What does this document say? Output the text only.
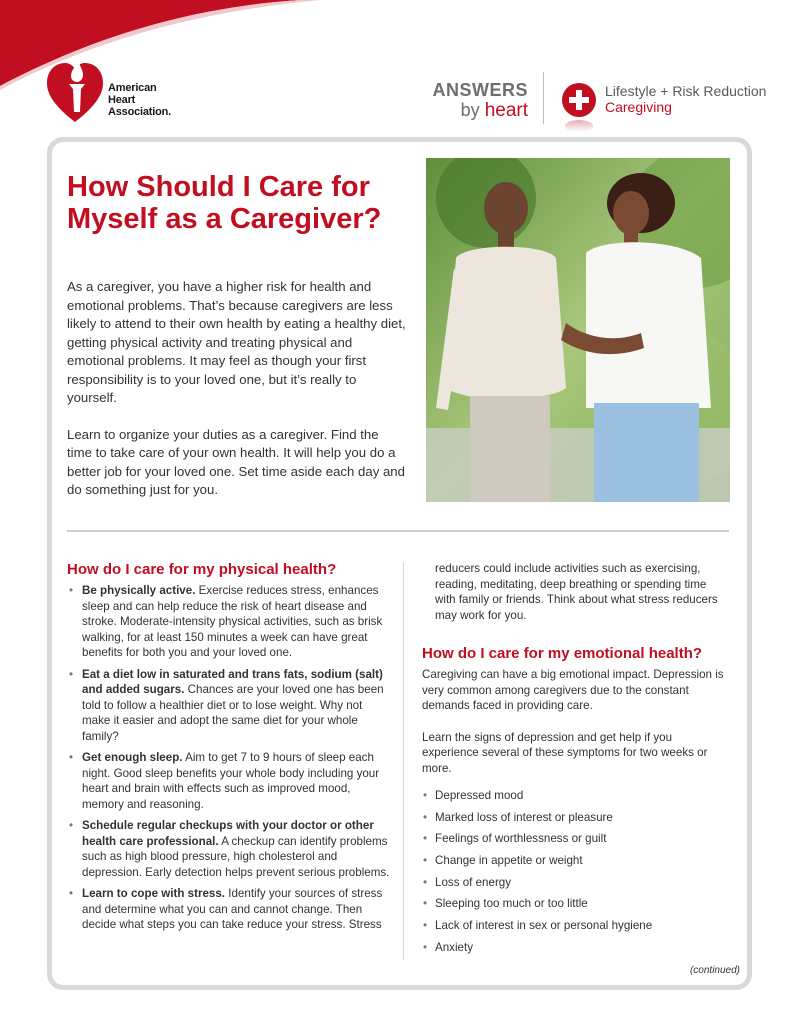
American
Heart
Association.
ANSWERS
by heart
Lifestyle + Risk Reduction
Caregiving
How Should I Care for Myself as a Caregiver?

As a caregiver, you have a higher risk for health and emotional problems. That’s because caregivers are less likely to attend to their own health by eating a healthy diet, getting physical activity and treating physical and emotional problems. It may feel as though your first responsibility is to your loved one, but it’s really to yourself.

Learn to organize your duties as a caregiver. Find the time to take care of your own health. It will help you do a better job for your loved one. Set time aside each day and do something just for you.

How do I care for my physical health?
• Be physically active. Exercise reduces stress, enhances sleep and can help reduce the risk of heart disease and stroke. Moderate-intensity physical activities, such as brisk walking, for at least 150 minutes a week can have great benefits for both you and your loved one.
• Eat a diet low in saturated and trans fats, sodium (salt) and added sugars. Chances are your loved one has been told to follow a healthier diet or to lose weight. Why not make it easier and adopt the same diet for your whole family?
• Get enough sleep. Aim to get 7 to 9 hours of sleep each night. Good sleep benefits your whole body including your heart and brain with effects such as improved mood, memory and reasoning.
• Schedule regular checkups with your doctor or other health care professional. A checkup can identify problems such as high blood pressure, high cholesterol and depression. Early detection helps prevent serious problems.
• Learn to cope with stress. Identify your sources of stress and determine what you can and cannot change. Then decide what steps you can take reduce your stress. Stress

reducers could include activities such as exercising, reading, meditating, deep breathing or spending time with family or friends. Think about what stress reducers may work for you.

How do I care for my emotional health?

Caregiving can have a big emotional impact. Depression is very common among caregivers due to the constant demands faced in providing care.

Learn the signs of depression and get help if you experience several of these symptoms for two weeks or more.

• Depressed mood
• Marked loss of interest or pleasure
• Feelings of worthlessness or guilt
• Change in appetite or weight
• Loss of energy
• Sleeping too much or too little
• Lack of interest in sex or personal hygiene
• Anxiety
(continued)
